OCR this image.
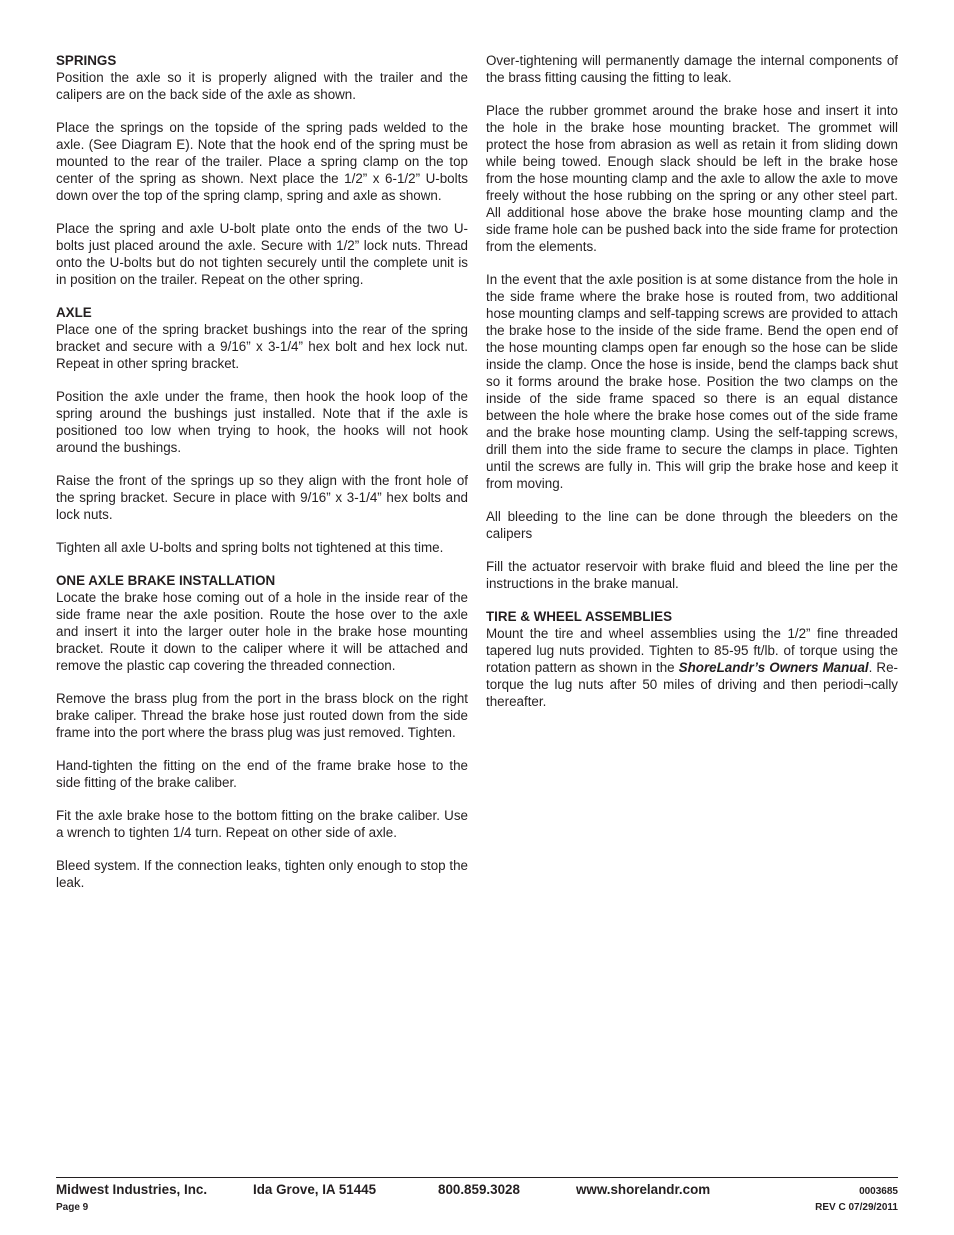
SPRINGS

Position the axle so it is properly aligned with the trailer and the calipers are on the back side of the axle as shown.

Place the springs on the topside of the spring pads welded to the axle. (See Diagram E). Note that the hook end of the spring must be mounted to the rear of the trailer. Place a spring clamp on the top center of the spring as shown. Next place the 1/2” x 6-1/2” U-bolts down over the top of the spring clamp, spring and axle as shown.

Place the spring and axle U-bolt plate onto the ends of the two U-bolts just placed around the axle. Secure with 1/2” lock nuts. Thread onto the U-bolts but do not tighten securely until the complete unit is in position on the trailer. Repeat on the other spring.

AXLE

Place one of the spring bracket bushings into the rear of the spring bracket and secure with a 9/16” x 3-1/4” hex bolt and hex lock nut. Repeat in other spring bracket.

Position the axle under the frame, then hook the hook loop of the spring around the bushings just installed. Note that if the axle is positioned too low when trying to hook, the hooks will not hook around the bushings.

Raise the front of the springs up so they align with the front hole of the spring bracket. Secure in place with 9/16” x 3-1/4” hex bolts and lock nuts.

Tighten all axle U-bolts and spring bolts not tightened at this time.

ONE AXLE BRAKE INSTALLATION

Locate the brake hose coming out of a hole in the inside rear of the side frame near the axle position. Route the hose over to the axle and insert it into the larger outer hole in the brake hose mounting bracket. Route it down to the caliper where it will be attached and remove the plastic cap covering the threaded connection.

Remove the brass plug from the port in the brass block on the right brake caliper. Thread the brake hose just routed down from the side frame into the port where the brass plug was just removed. Tighten.

Hand-tighten the fitting on the end of the frame brake hose to the side fitting of the brake caliber.

Fit the axle brake hose to the bottom fitting on the brake caliber. Use a wrench to tighten 1/4 turn. Repeat on other side of axle.

Bleed system. If the connection leaks, tighten only enough to stop the leak.

Over-tightening will permanently damage the internal components of the brass fitting causing the fitting to leak.

Place the rubber grommet around the brake hose and insert it into the hole in the brake hose mounting bracket. The grommet will protect the hose from abrasion as well as retain it from sliding down while being towed. Enough slack should be left in the brake hose from the hose mounting clamp and the axle to allow the axle to move freely without the hose rubbing on the spring or any other steel part. All additional hose above the brake hose mounting clamp and the side frame hole can be pushed back into the side frame for protection from the elements.

In the event that the axle position is at some distance from the hole in the side frame where the brake hose is routed from, two additional hose mounting clamps and self-tapping screws are provided to attach the brake hose to the inside of the side frame. Bend the open end of the hose mounting clamps open far enough so the hose can be slide inside the clamp. Once the hose is inside, bend the clamps back shut so it forms around the brake hose. Position the two clamps on the inside of the side frame spaced so there is an equal distance between the hole where the brake hose comes out of the side frame and the brake hose mounting clamp. Using the self-tapping screws, drill them into the side frame to secure the clamps in place. Tighten until the screws are fully in. This will grip the brake hose and keep it from moving.

All bleeding to the line can be done through the bleeders on the calipers

Fill the actuator reservoir with brake fluid and bleed the line per the instructions in the brake manual.

TIRE & WHEEL ASSEMBLIES

Mount the tire and wheel assemblies using the 1/2” fine threaded tapered lug nuts provided. Tighten to 85-95 ft/lb. of torque using the rotation pattern as shown in the ShoreLandr’s Owners Manual. Re-torque the lug nuts after 50 miles of driving and then periodi¬cally thereafter.

Midwest Industries, Inc.	Ida Grove, IA 51445	800.859.3028	www.shorelandr.com	0003685
Page 9	REV C 07/29/2011
